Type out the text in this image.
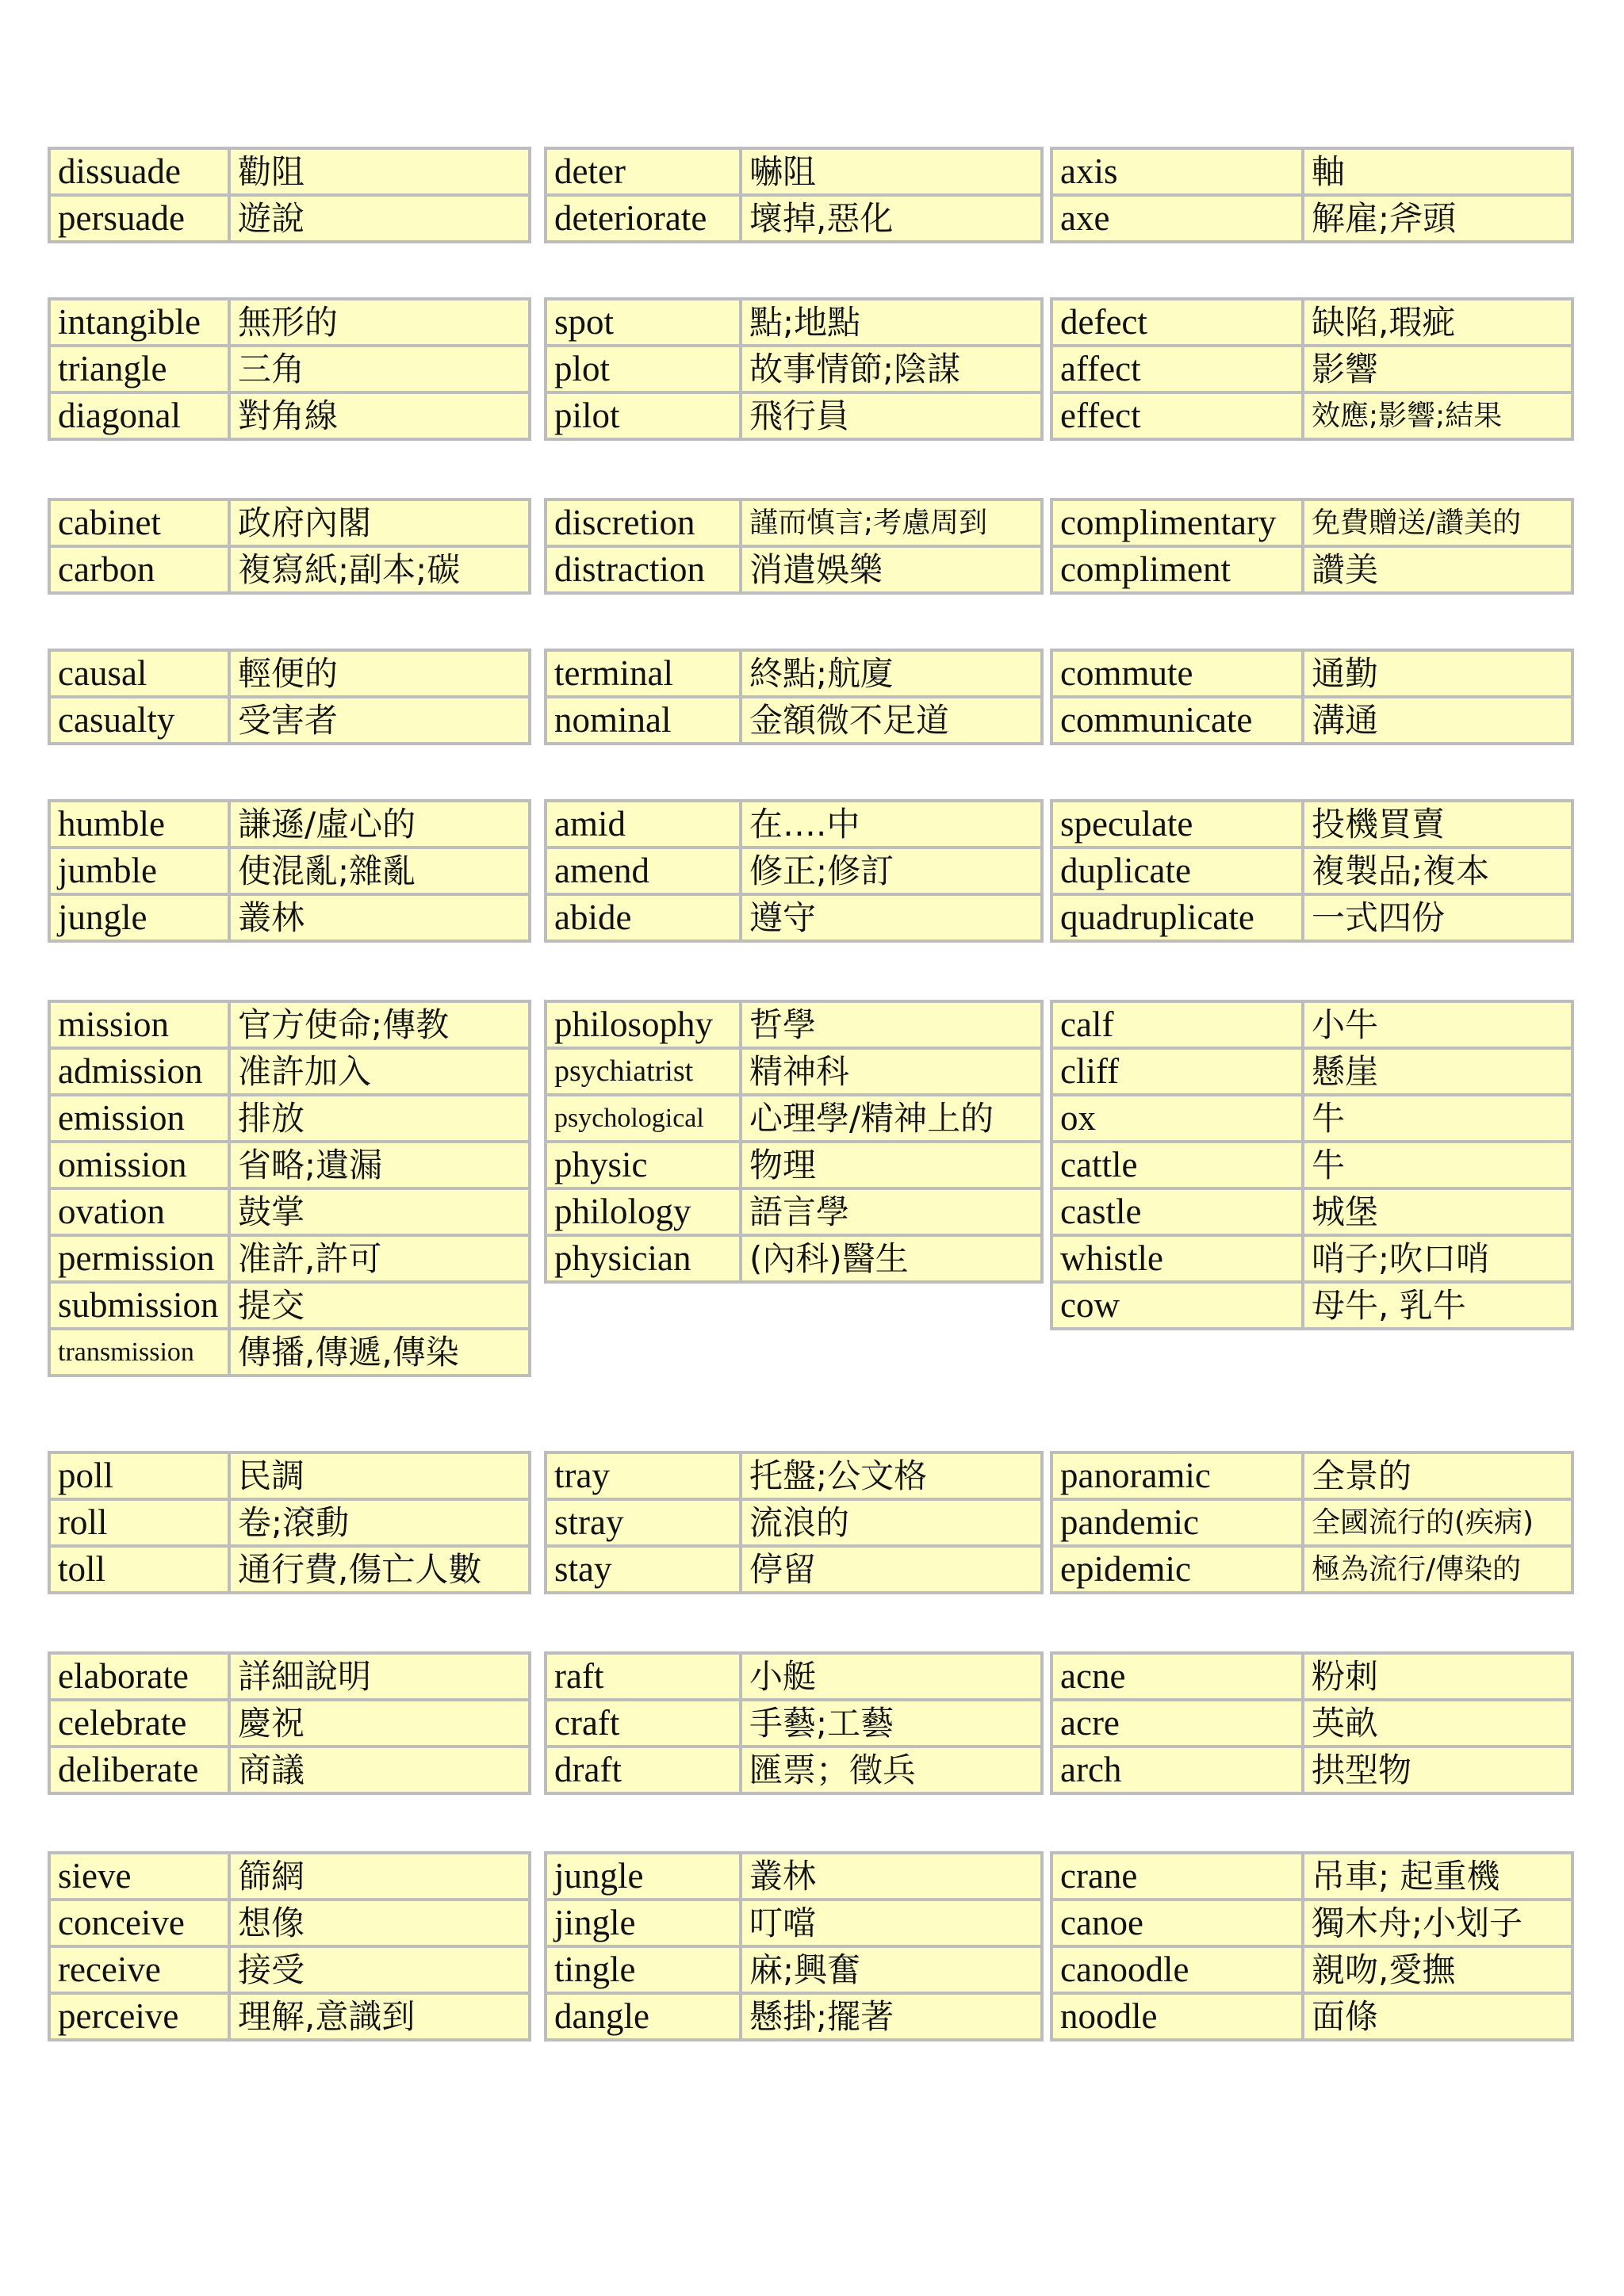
dissuade	勸阻
persuade	遊說
deter	嚇阻
deteriorate	壞掉,惡化
axis	軸
axe	解雇;斧頭
intangible	無形的
triangle	三角
diagonal	對角線
spot	點;地點
plot	故事情節;陰謀
pilot	飛行員
defect	缺陷,瑕疵
affect	影響
effect	效應;影響;結果
cabinet	政府內閣
carbon	複寫紙;副本;碳
discretion	謹而慎言;考慮周到
distraction	消遣娛樂
complimentary	免費贈送/讚美的
compliment	讚美
causal	輕便的
casualty	受害者
terminal	終點;航廈
nominal	金額微不足道
commute	通勤
communicate	溝通
humble	謙遜/虛心的
jumble	使混亂;雜亂
jungle	叢林
amid	在….中
amend	修正;修訂
abide	遵守
speculate	投機買賣
duplicate	複製品;複本
quadruplicate	一式四份
mission	官方使命;傳教
admission	准許加入
emission	排放
omission	省略;遺漏
ovation	鼓掌
permission	准許,許可
submission	提交
transmission	傳播,傳遞,傳染
philosophy	哲學
psychiatrist	精神科
psychological	心理學/精神上的
physic	物理
philology	語言學
physician	(內科)醫生
calf	小牛
cliff	懸崖
ox	牛
cattle	牛
castle	城堡
whistle	哨子;吹口哨
cow	母牛, 乳牛
poll	民調
roll	卷;滾動
toll	通行費,傷亡人數
tray	托盤;公文格
stray	流浪的
stay	停留
panoramic	全景的
pandemic	全國流行的(疾病)
epidemic	極為流行/傳染的
elaborate	詳細說明
celebrate	慶祝
deliberate	商議
raft	小艇
craft	手藝;工藝
draft	匯票；徵兵
acne	粉刺
acre	英畝
arch	拱型物
sieve	篩網
conceive	想像
receive	接受
perceive	理解,意識到
jungle	叢林
jingle	叮噹
tingle	麻;興奮
dangle	懸掛;擺著
crane	吊車; 起重機
canoe	獨木舟;小划子
canoodle	親吻,愛撫
noodle	面條
